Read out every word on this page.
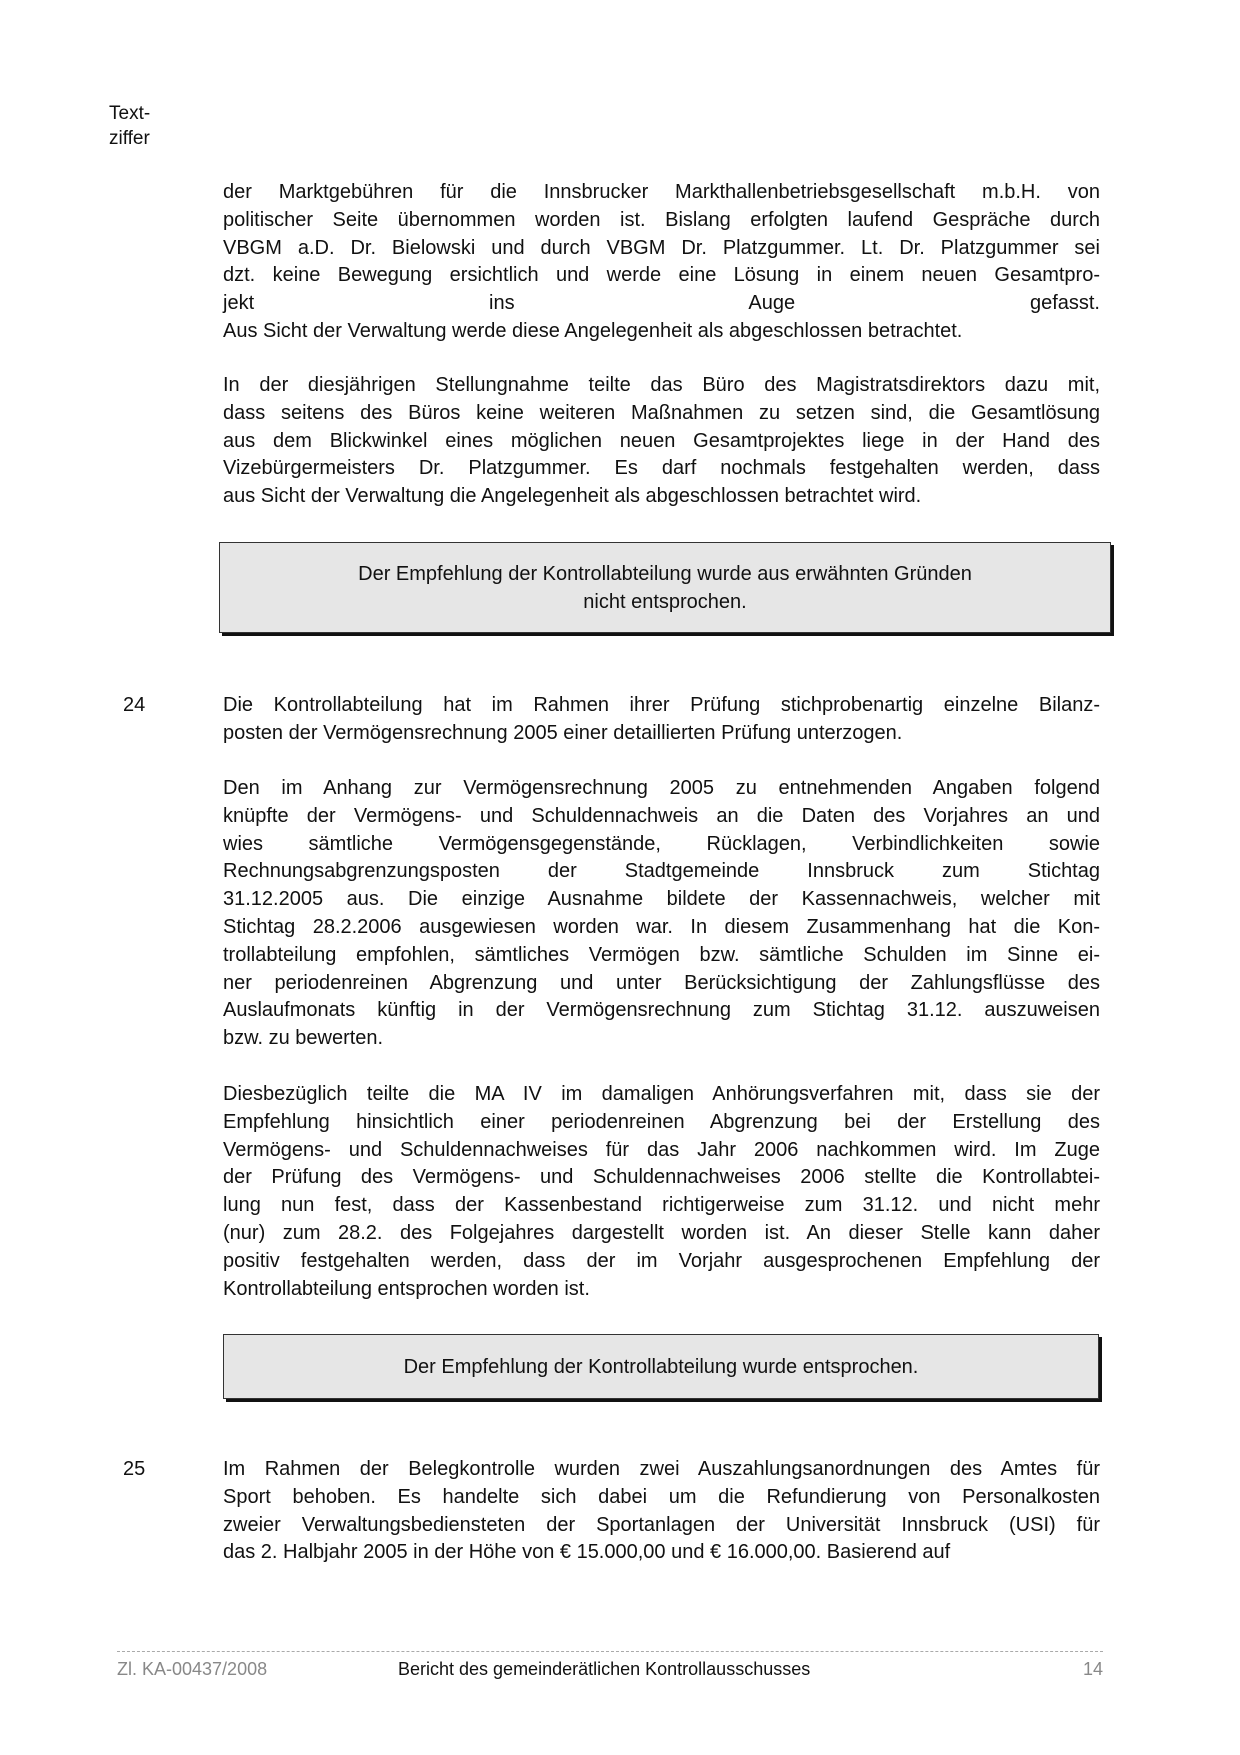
Text-
ziffer
der Marktgebühren für die Innsbrucker Markthallenbetriebsgesellschaft m.b.H. von
politischer Seite übernommen worden ist. Bislang erfolgten laufend Gespräche durch
VBGM a.D. Dr. Bielowski und durch VBGM Dr. Platzgummer. Lt. Dr. Platzgummer sei
dzt. keine Bewegung ersichtlich und werde eine Lösung in einem neuen Gesamtpro-
jekt ins Auge gefasst.
Aus Sicht der Verwaltung werde diese Angelegenheit als abgeschlossen betrachtet.
In der diesjährigen Stellungnahme teilte das Büro des Magistratsdirektors dazu mit,
dass seitens des Büros keine weiteren Maßnahmen zu setzen sind, die Gesamtlösung
aus dem Blickwinkel eines möglichen neuen Gesamtprojektes liege in der Hand des
Vizebürgermeisters Dr. Platzgummer. Es darf nochmals festgehalten werden, dass
aus Sicht der Verwaltung die Angelegenheit als abgeschlossen betrachtet wird.
Der Empfehlung der Kontrollabteilung wurde aus erwähnten Gründen
nicht entsprochen.
24	Die Kontrollabteilung hat im Rahmen ihrer Prüfung stichprobenartig einzelne Bilanz-
posten der Vermögensrechnung 2005 einer detaillierten Prüfung unterzogen.
Den im Anhang zur Vermögensrechnung 2005 zu entnehmenden Angaben folgend
knüpfte der Vermögens- und Schuldennachweis an die Daten des Vorjahres an und
wies sämtliche Vermögensgegenstände, Rücklagen, Verbindlichkeiten sowie
Rechnungsabgrenzungsposten der Stadtgemeinde Innsbruck zum Stichtag
31.12.2005 aus. Die einzige Ausnahme bildete der Kassennachweis, welcher mit
Stichtag 28.2.2006 ausgewiesen worden war. In diesem Zusammenhang hat die Kon-
trollabteilung empfohlen, sämtliches Vermögen bzw. sämtliche Schulden im Sinne ei-
ner periodenreinen Abgrenzung und unter Berücksichtigung der Zahlungsflüsse des
Auslaufmonats künftig in der Vermögensrechnung zum Stichtag 31.12. auszuweisen
bzw. zu bewerten.
Diesbezüglich teilte die MA IV im damaligen Anhörungsverfahren mit, dass sie der
Empfehlung hinsichtlich einer periodenreinen Abgrenzung bei der Erstellung des
Vermögens- und Schuldennachweises für das Jahr 2006 nachkommen wird. Im Zuge
der Prüfung des Vermögens- und Schuldennachweises 2006 stellte die Kontrollabtei-
lung nun fest, dass der Kassenbestand richtigerweise zum 31.12. und nicht mehr
(nur) zum 28.2. des Folgejahres dargestellt worden ist. An dieser Stelle kann daher
positiv festgehalten werden, dass der im Vorjahr ausgesprochenen Empfehlung der
Kontrollabteilung entsprochen worden ist.
Der Empfehlung der Kontrollabteilung wurde entsprochen.
25	Im Rahmen der Belegkontrolle wurden zwei Auszahlungsanordnungen des Amtes für
Sport behoben. Es handelte sich dabei um die Refundierung von Personalkosten
zweier Verwaltungsbediensteten der Sportanlagen der Universität Innsbruck (USI) für
das 2. Halbjahr 2005 in der Höhe von € 15.000,00 und € 16.000,00. Basierend auf
Zl. KA-00437/2008	Bericht des gemeinderätlichen Kontrollausschusses	14
